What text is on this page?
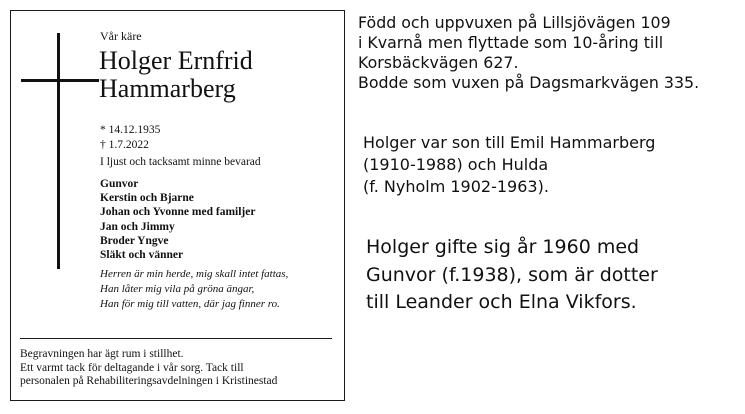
Vår käre
Holger Ernfrid
Hammarberg
* 14.12.1935
† 1.7.2022
I ljust och tacksamt minne bevarad
Gunvor
Kerstin och Bjarne
Johan och Yvonne med familjer
Jan och Jimmy
Broder Yngve
Släkt och vänner
Herren är min herde, mig skall intet fattas,
Han låter mig vila på gröna ängar,
Han för mig till vatten, där jag finner ro.
Begravningen har ägt rum i stillhet.
Ett varmt tack för deltagande i vår sorg. Tack till
personalen på Rehabiliteringsavdelningen i Kristinestad
Född och uppvuxen på Lillsjövägen 109
i Kvarnå men flyttade som 10-åring till
Korsbäckvägen 627.
Bodde som vuxen på Dagsmarkvägen 335.
Holger var son till Emil Hammarberg
(1910-1988) och Hulda
(f. Nyholm 1902-1963).
Holger gifte sig år 1960 med
Gunvor (f.1938), som är dotter
till Leander och Elna Vikfors.
